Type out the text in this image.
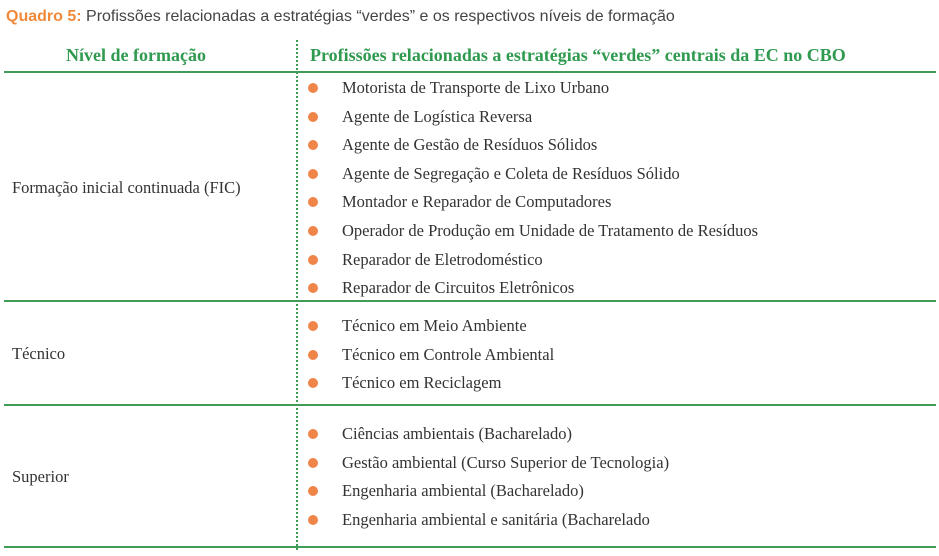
Quadro 5: Profissões relacionadas a estratégias “verdes” e os respectivos níveis de formação
Nível de formação	Profissões relacionadas a estratégias “verdes” centrais da EC no CBO
Formação inicial continuada (FIC)
Motorista de Transporte de Lixo Urbano
Agente de Logística Reversa
Agente de Gestão de Resíduos Sólidos
Agente de Segregação e Coleta de Resíduos Sólido
Montador e Reparador de Computadores
Operador de Produção em Unidade de Tratamento de Resíduos
Reparador de Eletrodoméstico
Reparador de Circuitos Eletrônicos
Técnico
Técnico em Meio Ambiente
Técnico em Controle Ambiental
Técnico em Reciclagem
Superior
Ciências ambientais (Bacharelado)
Gestão ambiental (Curso Superior de Tecnologia)
Engenharia ambiental (Bacharelado)
Engenharia ambiental e sanitária (Bacharelado
